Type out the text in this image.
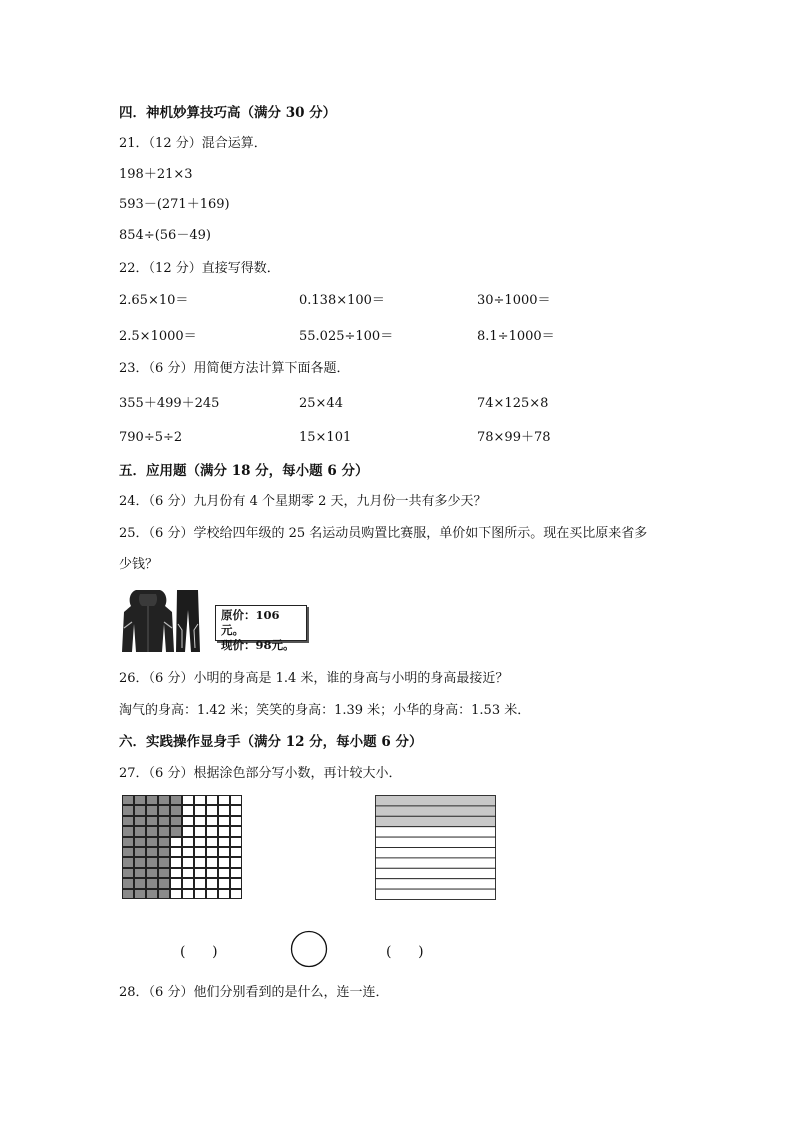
四．神机妙算技巧高（满分 30 分）
21．（12 分）混合运算．
198＋21×3
593－(271＋169)
854÷(56－49)
22．（12 分）直接写得数．
2.65×10＝	0.138×100＝	30÷1000＝
2.5×1000＝	55.025÷100＝	8.1÷1000＝
23．（6 分）用简便方法计算下面各题．
355＋499＋245	25×44	74×125×8
790÷5÷2	15×101	78×99＋78
五．应用题（满分 18 分，每小题 6 分）
24．（6 分）九月份有 4 个星期零 2 天，九月份一共有多少天？
25．（6 分）学校给四年级的 25 名运动员购置比赛服，单价如下图所示。现在买比原来省多
少钱？
原价：106元。
现价：98元。
26．（6 分）小明的身高是 1.4 米，谁的身高与小明的身高最接近？
淘气的身高：1.42 米；笑笑的身高：1.39 米；小华的身高：1.53 米．
六．实践操作显身手（满分 12 分，每小题 6 分）
27．（6 分）根据涂色部分写小数，再计较大小．
(      )	(      )
28．（6 分）他们分别看到的是什么，连一连．
